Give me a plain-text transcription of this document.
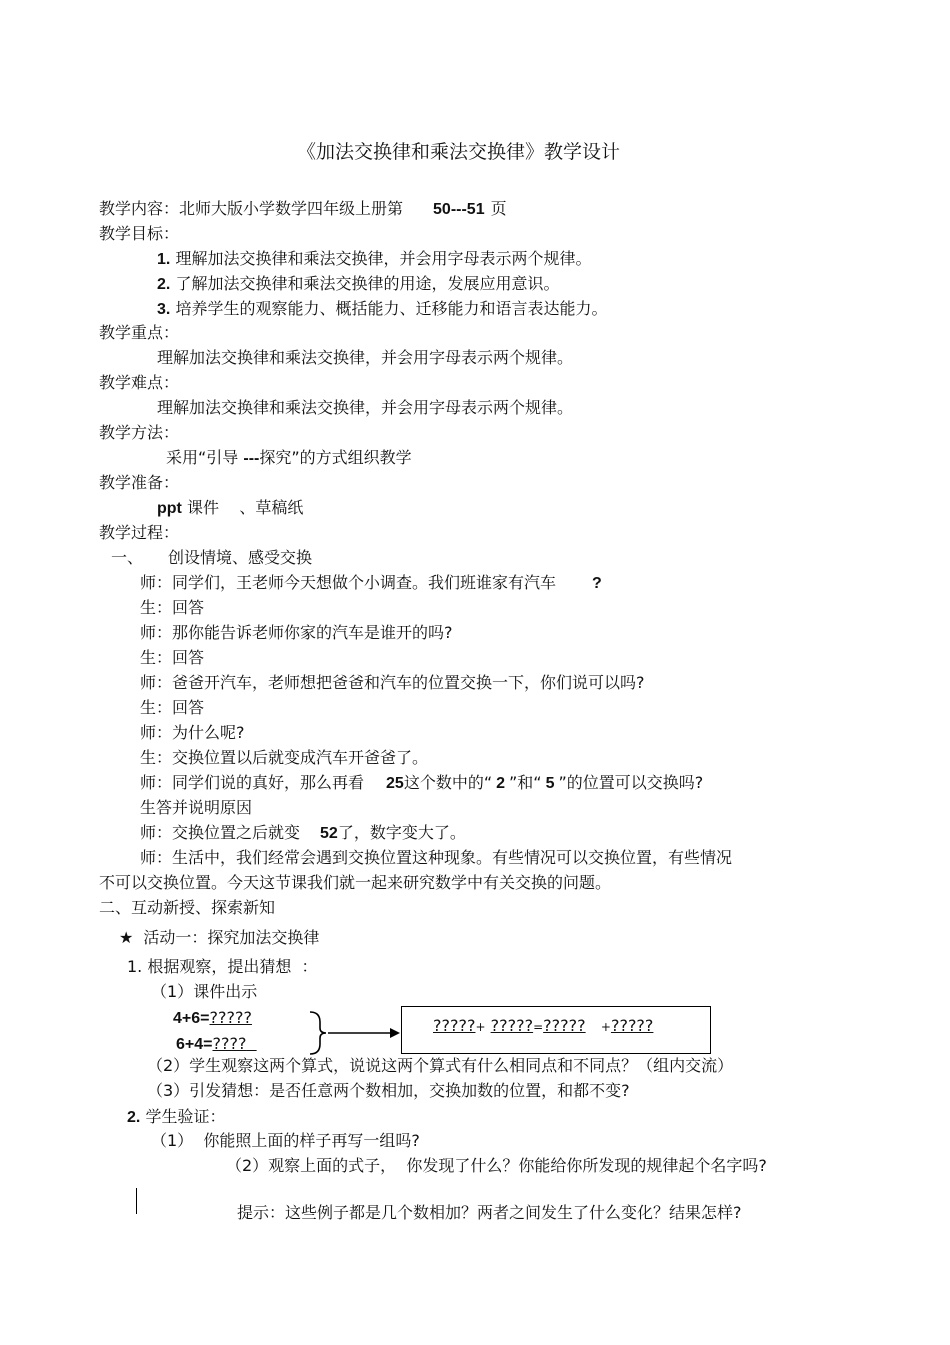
《加法交换律和乘法交换律》教学设计
教学内容：北师大版小学数学四年级上册第 50---51 页
教学目标：
1. 理解加法交换律和乘法交换律，并会用字母表示两个规律。
2. 了解加法交换律和乘法交换律的用途，发展应用意识。
3. 培养学生的观察能力、概括能力、迁移能力和语言表达能力。
教学重点：
理解加法交换律和乘法交换律，并会用字母表示两个规律。
教学难点：
理解加法交换律和乘法交换律，并会用字母表示两个规律。
教学方法：
采用“引导 ---探究”的方式组织教学
教学准备：
ppt 课件    、草稿纸
教学过程：
一、 创设情境、感受交换
师：同学们，王老师今天想做个小调查。我们班谁家有汽车 ?
生：回答
师：那你能告诉老师你家的汽车是谁开的吗?
生：回答
师：爸爸开汽车，老师想把爸爸和汽车的位置交换一下，你们说可以吗?
生：回答
师：为什么呢?
生：交换位置以后就变成汽车开爸爸了。
师：同学们说的真好，那么再看 25这个数中的“ 2 ”和“ 5 ”的位置可以交换吗?
生答并说明原因
师：交换位置之后就变 52了，数字变大了。
师：生活中，我们经常会遇到交换位置这种现象。有些情况可以交换位置，有些情况
不可以交换位置。今天这节课我们就一起来研究数学中有关交换的问题。
二、互动新授、探索新知
★ 活动一：探究加法交换律
1. 根据观察，提出猜想  ：
（1）课件出示
4+6=?????
6+4=????
?????+ ?????=????? +?????
（2）学生观察这两个算式，说说这两个算式有什么相同点和不同点？（组内交流）
（3）引发猜想：是否任意两个数相加，交换加数的位置，和都不变?
2. 学生验证：
（1） 你能照上面的样子再写一组吗?
（2）观察上面的式子，  你发现了什么？你能给你所发现的规律起个名字吗?
提示：这些例子都是几个数相加？两者之间发生了什么变化？结果怎样?
